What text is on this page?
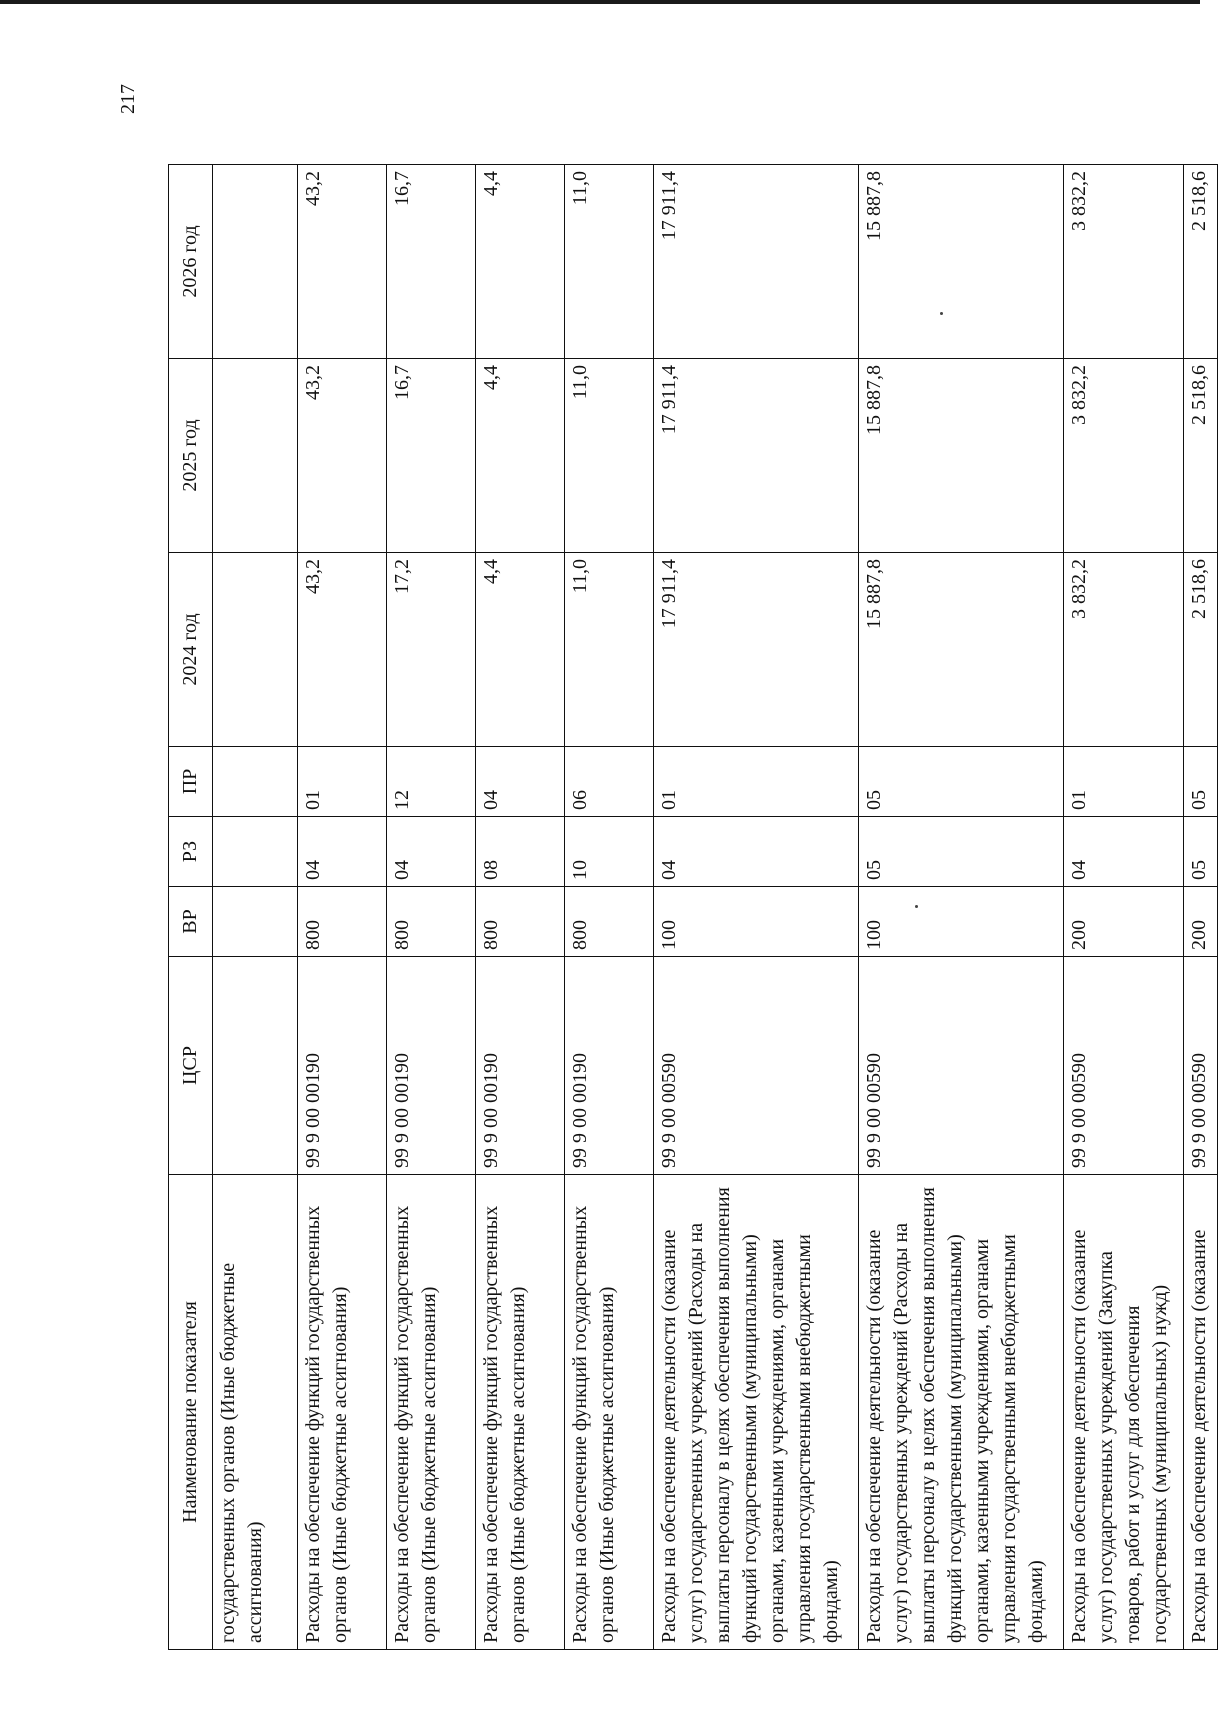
217
Наименование показателя	ЦСР	ВР	РЗ	ПР	2024 год	2025 год	2026 год
государственных органов (Иные бюджетные ассигнования)							
Расходы на обеспечение функций государственных органов (Иные бюджетные ассигнования)	99 9 00 00190	800	04	01	43,2	43,2	43,2
Расходы на обеспечение функций государственных органов (Иные бюджетные ассигнования)	99 9 00 00190	800	04	12	17,2	16,7	16,7
Расходы на обеспечение функций государственных органов (Иные бюджетные ассигнования)	99 9 00 00190	800	08	04	4,4	4,4	4,4
Расходы на обеспечение функций государственных органов (Иные бюджетные ассигнования)	99 9 00 00190	800	10	06	11,0	11,0	11,0
Расходы на обеспечение деятельности (оказание услуг) государственных учреждений (Расходы на выплаты персоналу в целях обеспечения выполнения функций государственными (муниципальными) органами, казенными учреждениями, органами управления государственными внебюджетными фондами)	99 9 00 00590	100	04	01	17 911,4	17 911,4	17 911,4
Расходы на обеспечение деятельности (оказание услуг) государственных учреждений (Расходы на выплаты персоналу в целях обеспечения выполнения функций государственными (муниципальными) органами, казенными учреждениями, органами управления государственными внебюджетными фондами)	99 9 00 00590	100	05	05	15 887,8	15 887,8	15 887,8
Расходы на обеспечение деятельности (оказание услуг) государственных учреждений (Закупка товаров, работ и услуг для обеспечения государственных (муниципальных) нужд)	99 9 00 00590	200	04	01	3 832,2	3 832,2	3 832,2
Расходы на обеспечение деятельности (оказание	99 9 00 00590	200	05	05	2 518,6	2 518,6	2 518,6
